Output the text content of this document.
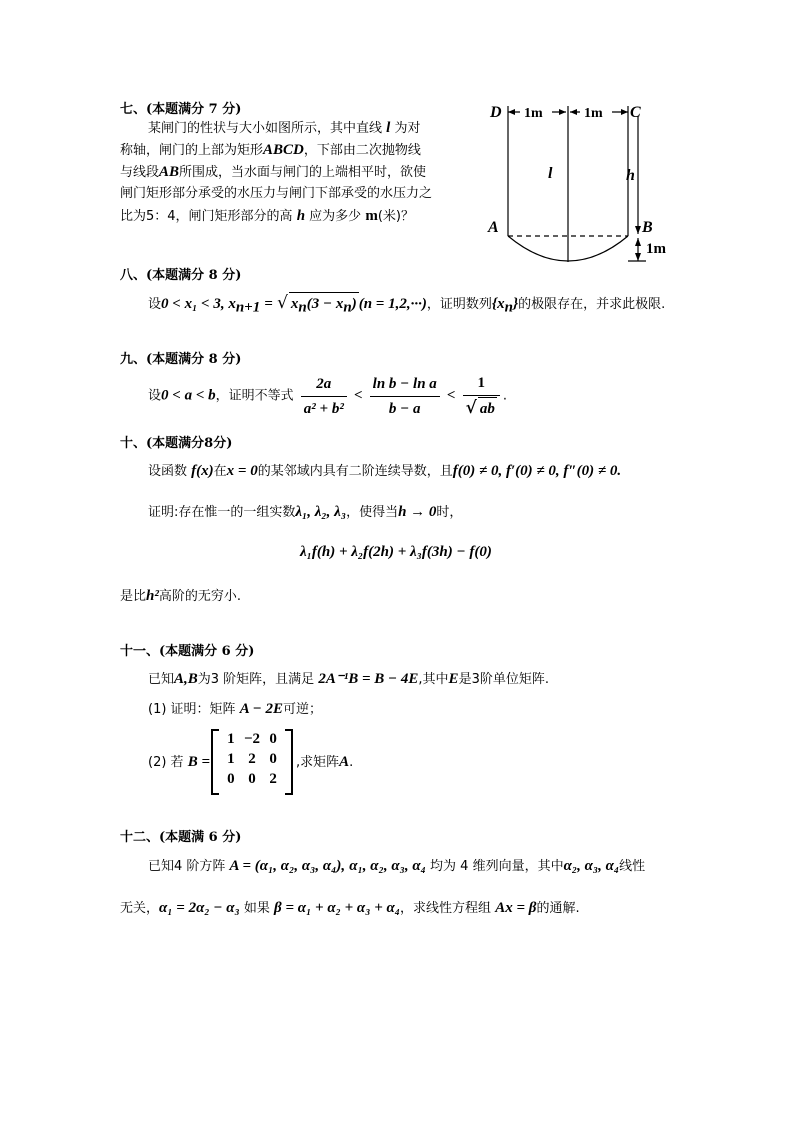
七、(本题满分 7 分)
某闸门的性状与大小如图所示，其中直线 l 为对
称轴，闸门的上部为矩形ABCD，下部由二次抛物线
与线段AB所围成，当水面与闸门的上端相平时，欲使
闸门矩形部分承受的水压力与闸门下部承受的水压力之
比为5：4，闸门矩形部分的高 h 应为多少 m(米)？
1m	1m
D	C
A	B
l	h
1m
八、(本题满分 8 分)
设0 < x₁ < 3, $x_{n+1}$ = √ $x_n(3 - x_n) (n = 1,2,\cdot\cdot\cdot)$，证明数列$\{x_n\}$的极限存在，并求此极限.
九、(本题满分 8 分)
设0 < a < b，证明不等式 $\frac{2a}{\text{a² + b²}} < \frac{\text{ln b − ln a}}{b - a} < \frac{1}{√ ab}$ .
十、(本题满分8分)
设函数 f(x)在x = 0的某邻域内具有二阶连续导数，且f(0) ≠ 0, f′(0) ≠ 0, f″(0) ≠ 0.
证明:存在惟一的一组实数λ₁, λ₂, λ₃，使得当h → 0时，
λ₁f(h) + λ₂f(2h) + λ₃f(3h) − f(0)
是比h²高阶的无穷小.
十一、(本题满分 6 分)
已知A,B为3 阶矩阵，且满足 2A⁻¹B = B − 4E,其中E是3阶单位矩阵.
(1) 证明：矩阵 A − 2E可逆；
(2) 若 B =
1	−2	0
1	2	0
0	0	2
,求矩阵A.
十二、(本题满 6 分)
已知4 阶方阵 A = (α₁, α₂, α₃, α₄), α₁, α₂, α₃, α₄ 均为 4 维列向量，其中α₂, α₃, α₄线性
无关，α₁ = 2α₂ − α₃ 如果 β = α₁ + α₂ + α₃ + α₄，求线性方程组 Ax = β的通解.
